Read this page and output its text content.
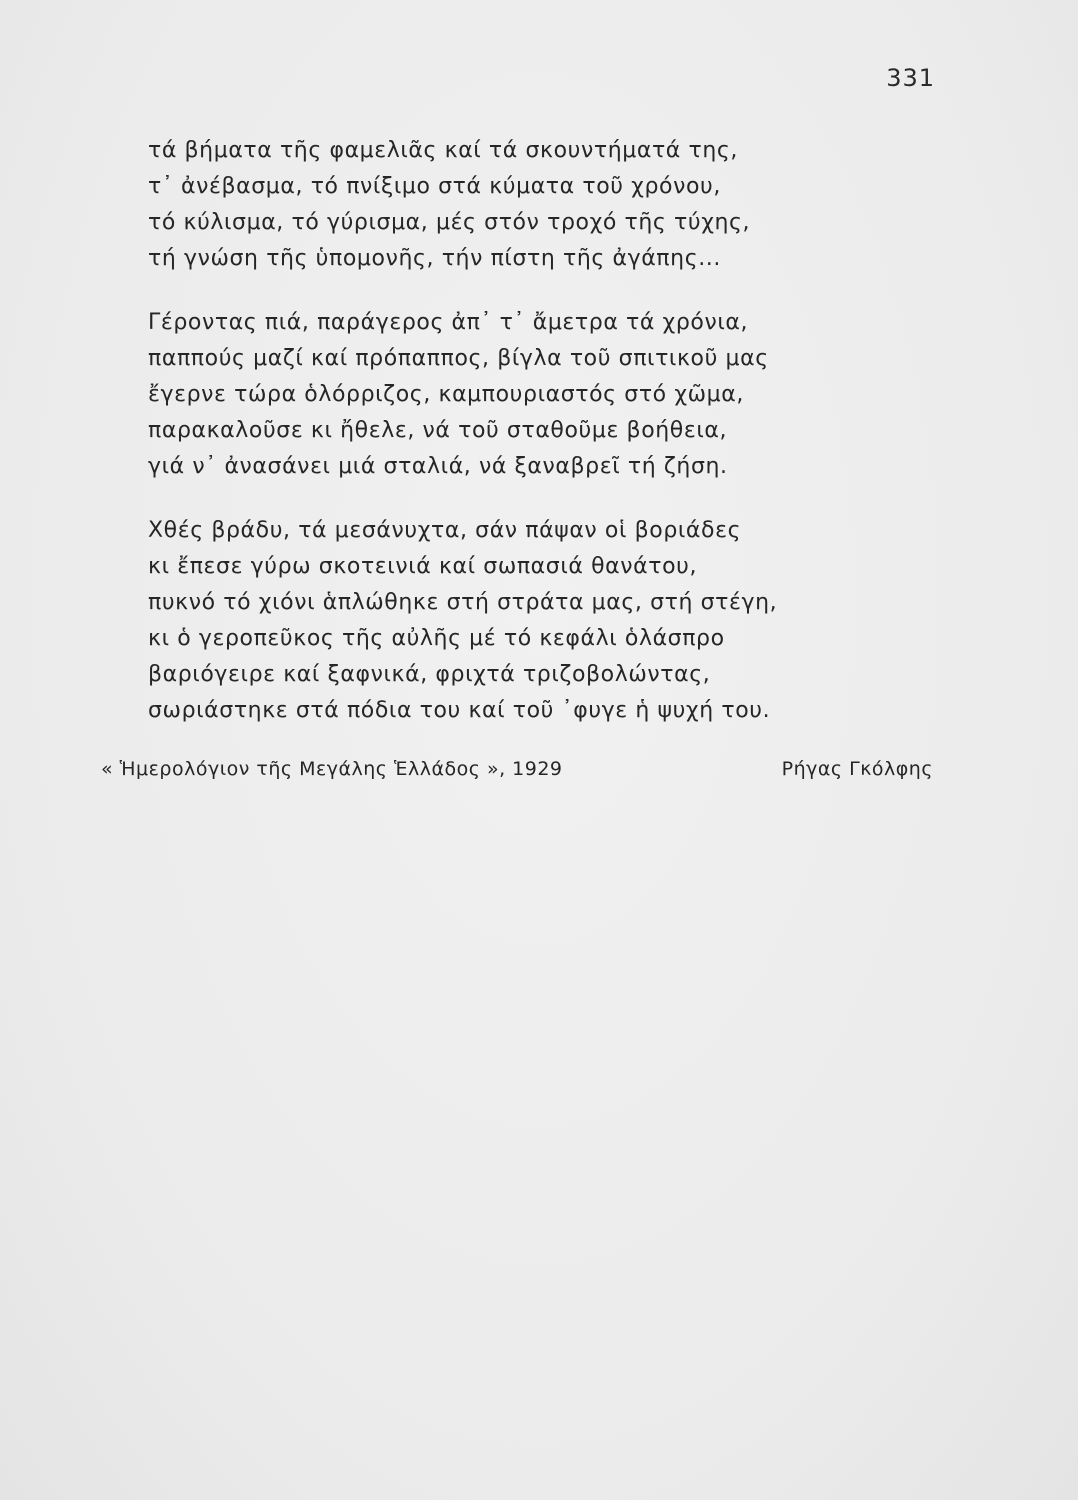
331
τά βήματα τῆς φαμελιᾶς καί τά σκουντήματά της,
τ᾽ ἀνέβασμα, τό πνίξιμο στά κύματα τοῦ χρόνου,
τό κύλισμα, τό γύρισμα, μές στόν τροχό τῆς τύχης,
τή γνώση τῆς ὑπομονῆς, τήν πίστη τῆς ἀγάπης...
Γέροντας πιά, παράγερος ἀπ᾽ τ᾽ ἄμετρα τά χρόνια,
παππούς μαζί καί πρόπαππος, βίγλα τοῦ σπιτικοῦ μας
ἔγερνε τώρα ὁλόρριζος, καμπουριαστός στό χῶμα,
παρακαλοῦσε κι ἤθελε, νά τοῦ σταθοῦμε βοήθεια,
γιά ν᾽ ἀνασάνει μιά σταλιά, νά ξαναβρεῖ τή ζήση.
Χθές βράδυ, τά μεσάνυχτα, σάν πάψαν οἱ βοριάδες
κι ἔπεσε γύρω σκοτεινιά καί σωπασιά θανάτου,
πυκνό τό χιόνι ἁπλώθηκε στή στράτα μας, στή στέγη,
κι ὁ γεροπεῦκος τῆς αὐλῆς μέ τό κεφάλι ὁλάσπρο
βαριόγειρε καί ξαφνικά, φριχτά τριζοβολώντας,
σωριάστηκε στά πόδια του καί τοῦ ᾽φυγε ἡ ψυχή του.
« Ἡμερολόγιον τῆς Μεγάλης Ἑλλάδος », 1929	Ρήγας Γκόλφης
